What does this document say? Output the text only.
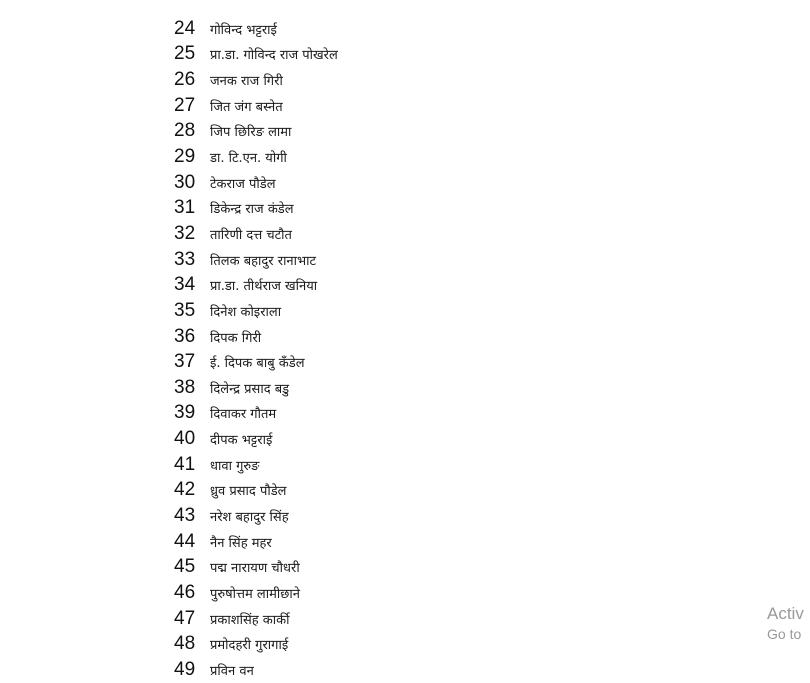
24	गोविन्द भट्टराई
25	प्रा.डा. गोविन्द राज पोखरेल
26	जनक राज गिरी
27	जित जंग बस्नेत
28	जिप छिरिङ लामा
29	डा. टि.एन. योगी
30	टेकराज पौडेल
31	डिकेन्द्र राज कंडेल
32	तारिणी दत्त चटौत
33	तिलक बहादुर रानाभाट
34	प्रा.डा. तीर्थराज खनिया
35	दिनेश कोइराला
36	दिपक गिरी
37	ई. दिपक बाबु कँडेल
38	दिलेन्द्र प्रसाद बडु
39	दिवाकर गौतम
40	दीपक भट्टराई
41	धावा गुरुङ
42	ध्रुव प्रसाद पौडेल
43	नरेश बहादुर सिंह
44	नैन सिंह महर
45	पद्म नारायण चौधरी
46	पुरुषोत्तम लामीछाने
47	प्रकाशसिंह कार्की
48	प्रमोदहरी गुरागाई
49	प्रविन वन
Activ
Go to
